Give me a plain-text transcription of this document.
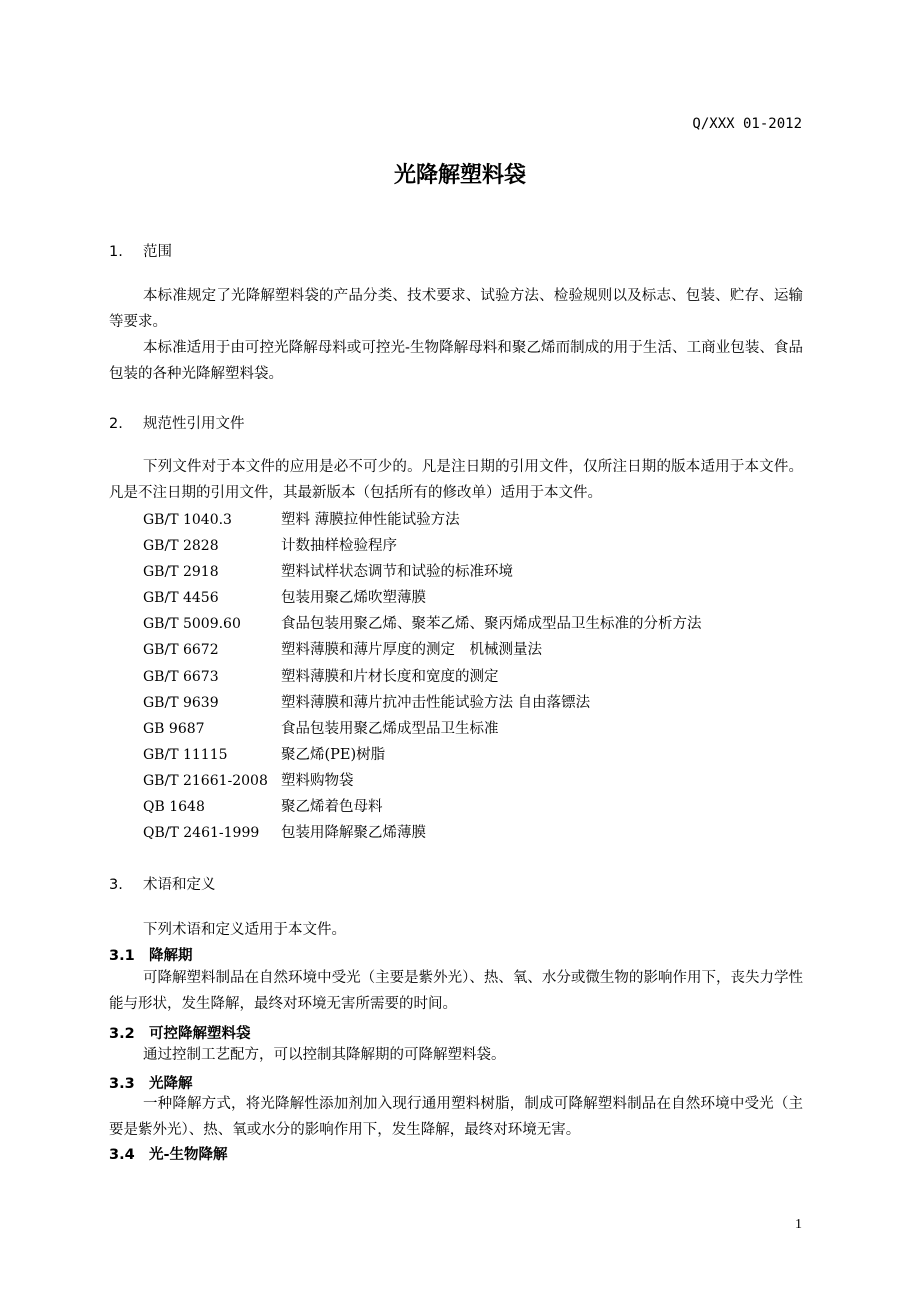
Q/XXX 01-2012
光降解塑料袋
1. 范围
本标准规定了光降解塑料袋的产品分类、技术要求、试验方法、检验规则以及标志、包装、贮存、运输等要求。
本标准适用于由可控光降解母料或可控光-生物降解母料和聚乙烯而制成的用于生活、工商业包装、食品包装的各种光降解塑料袋。
2. 规范性引用文件
下列文件对于本文件的应用是必不可少的。凡是注日期的引用文件，仅所注日期的版本适用于本文件。凡是不注日期的引用文件，其最新版本（包括所有的修改单）适用于本文件。
GB/T 1040.3	塑料 薄膜拉伸性能试验方法
GB/T 2828	计数抽样检验程序
GB/T 2918	塑料试样状态调节和试验的标准环境
GB/T 4456	包装用聚乙烯吹塑薄膜
GB/T 5009.60	食品包装用聚乙烯、聚苯乙烯、聚丙烯成型品卫生标准的分析方法
GB/T 6672	塑料薄膜和薄片厚度的测定　机械测量法
GB/T 6673	塑料薄膜和片材长度和宽度的测定
GB/T 9639	塑料薄膜和薄片抗冲击性能试验方法 自由落镖法
GB 9687	食品包装用聚乙烯成型品卫生标准
GB/T 11115	聚乙烯(PE)树脂
GB/T 21661-2008 塑料购物袋
QB 1648	聚乙烯着色母料
QB/T 2461-1999	包装用降解聚乙烯薄膜
3. 术语和定义
下列术语和定义适用于本文件。
3.1 降解期
可降解塑料制品在自然环境中受光（主要是紫外光）、热、氧、水分或微生物的影响作用下，丧失力学性能与形状，发生降解，最终对环境无害所需要的时间。
3.2 可控降解塑料袋
通过控制工艺配方，可以控制其降解期的可降解塑料袋。
3.3 光降解
一种降解方式，将光降解性添加剂加入现行通用塑料树脂，制成可降解塑料制品在自然环境中受光（主要是紫外光）、热、氧或水分的影响作用下，发生降解，最终对环境无害。
3.4 光-生物降解
1
